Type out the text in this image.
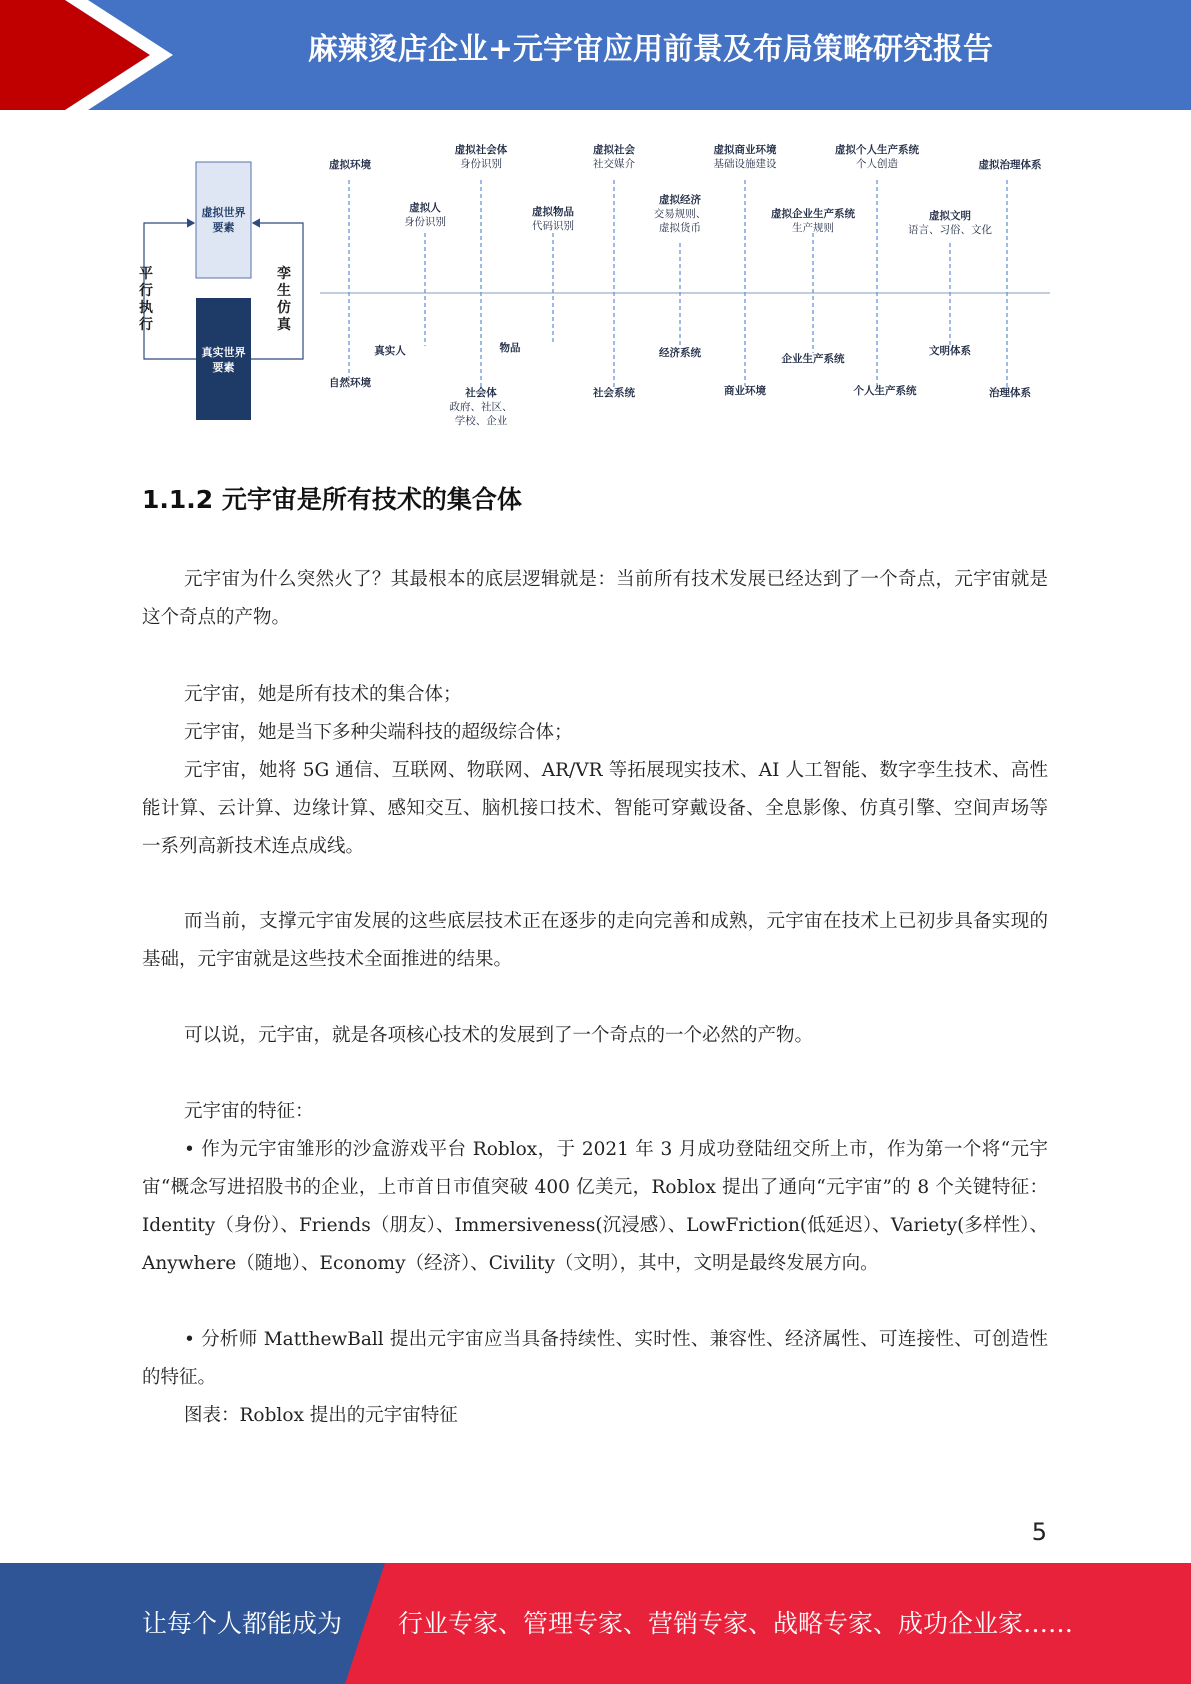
麻辣烫店企业+元宇宙应用前景及布局策略研究报告
虚拟世界
要素
真实世界
要素
平行执行
孪生仿真
虚拟环境
虚拟人
身份识别
虚拟社会体
身份识别
虚拟物品
代码识别
虚拟社会
社交媒介
虚拟经济
交易规则、
虚拟货币
虚拟商业环境
基础设施建设
虚拟企业生产系统
生产规则
虚拟个人生产系统
个人创造
虚拟文明
语言、习俗、文化
虚拟治理体系
自然环境
真实人
社会体
政府、社区、
学校、企业
物品
社会系统
经济系统
商业环境
企业生产系统
个人生产系统
文明体系
治理体系
1.1.2 元宇宙是所有技术的集合体

元宇宙为什么突然火了？其最根本的底层逻辑就是：当前所有技术发展已经达到了一个奇点，元宇宙就是这个奇点的产物。

元宇宙，她是所有技术的集合体；
元宇宙，她是当下多种尖端科技的超级综合体；

元宇宙，她将 5G 通信、互联网、物联网、AR/VR 等拓展现实技术、AI 人工智能、数字孪生技术、高性能计算、云计算、边缘计算、感知交互、脑机接口技术、智能可穿戴设备、全息影像、仿真引擎、空间声场等一系列高新技术连点成线。

而当前，支撑元宇宙发展的这些底层技术正在逐步的走向完善和成熟，元宇宙在技术上已初步具备实现的基础，元宇宙就是这些技术全面推进的结果。

可以说，元宇宙，就是各项核心技术的发展到了一个奇点的一个必然的产物。

元宇宙的特征：

• 作为元宇宙雏形的沙盒游戏平台 Roblox，于 2021 年 3 月成功登陆纽交所上市，作为第一个将“元宇宙“概念写进招股书的企业，上市首日市值突破 400 亿美元，Roblox 提出了通向“元宇宙”的 8 个关键特征：Identity（身份）、Friends（朋友）、Immersiveness(沉浸感）、LowFriction(低延迟）、Variety(多样性）、Anywhere（随地）、Economy（经济）、Civility（文明），其中，文明是最终发展方向。

• 分析师 MatthewBall 提出元宇宙应当具备持续性、实时性、兼容性、经济属性、可连接性、可创造性的特征。

图表：Roblox 提出的元宇宙特征
5
让每个人都能成为 行业专家、管理专家、营销专家、战略专家、成功企业家……
